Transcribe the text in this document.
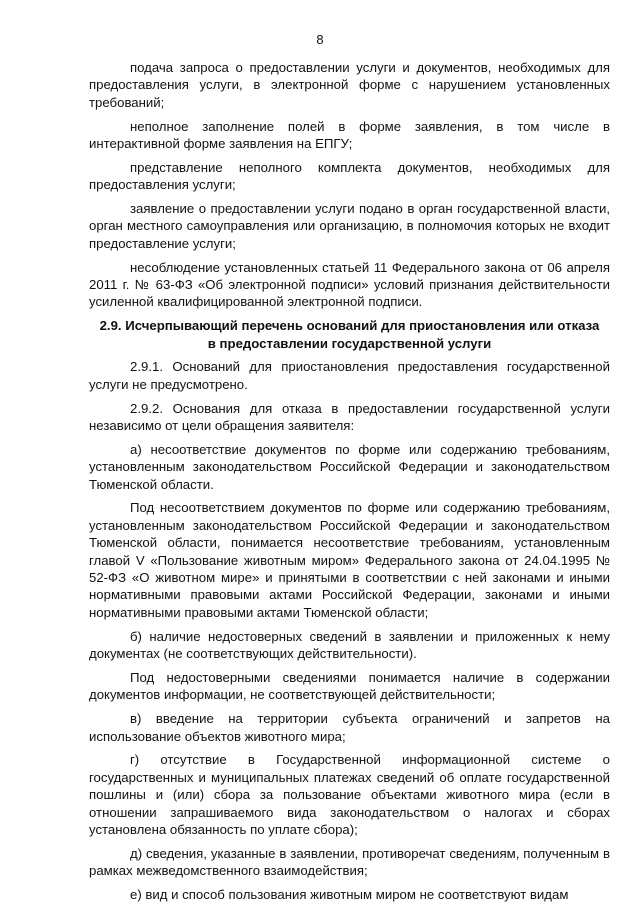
8

подача запроса о предоставлении услуги и документов, необходимых для предоставления услуги, в электронной форме с нарушением установленных требований;

неполное заполнение полей в форме заявления, в том числе в интерактивной форме заявления на ЕПГУ;

представление неполного комплекта документов, необходимых для предоставления услуги;

заявление о предоставлении услуги подано в орган государственной власти, орган местного самоуправления или организацию, в полномочия которых не входит предоставление услуги;

несоблюдение установленных статьей 11 Федерального закона от 06 апреля 2011 г. № 63-ФЗ «Об электронной подписи» условий признания действительности усиленной квалифицированной электронной подписи.

2.9. Исчерпывающий перечень оснований для приостановления или отказа в предоставлении государственной услуги

2.9.1. Оснований для приостановления предоставления государственной услуги не предусмотрено.

2.9.2. Основания для отказа в предоставлении государственной услуги независимо от цели обращения заявителя:

а) несоответствие документов по форме или содержанию требованиям, установленным законодательством Российской Федерации и законодательством Тюменской области.

Под несоответствием документов по форме или содержанию требованиям, установленным законодательством Российской Федерации и законодательством Тюменской области, понимается несоответствие требованиям, установленным главой V «Пользование животным миром» Федерального закона от 24.04.1995 № 52-ФЗ «О животном мире» и принятыми в соответствии с ней законами и иными нормативными правовыми актами Российской Федерации, законами и иными нормативными правовыми актами Тюменской области;

б) наличие недостоверных сведений в заявлении и приложенных к нему документах (не соответствующих действительности).

Под недостоверными сведениями понимается наличие в содержании документов информации, не соответствующей действительности;

в) введение на территории субъекта ограничений и запретов на использование объектов животного мира;

г) отсутствие в Государственной информационной системе о государственных и муниципальных платежах сведений об оплате государственной пошлины и (или) сбора за пользование объектами животного мира (если в отношении запрашиваемого вида законодательством о налогах и сборах установлена обязанность по уплате сбора);

д) сведения, указанные в заявлении, противоречат сведениям, полученным в рамках межведомственного взаимодействия;

е) вид и способ пользования животным миром не соответствуют видам
